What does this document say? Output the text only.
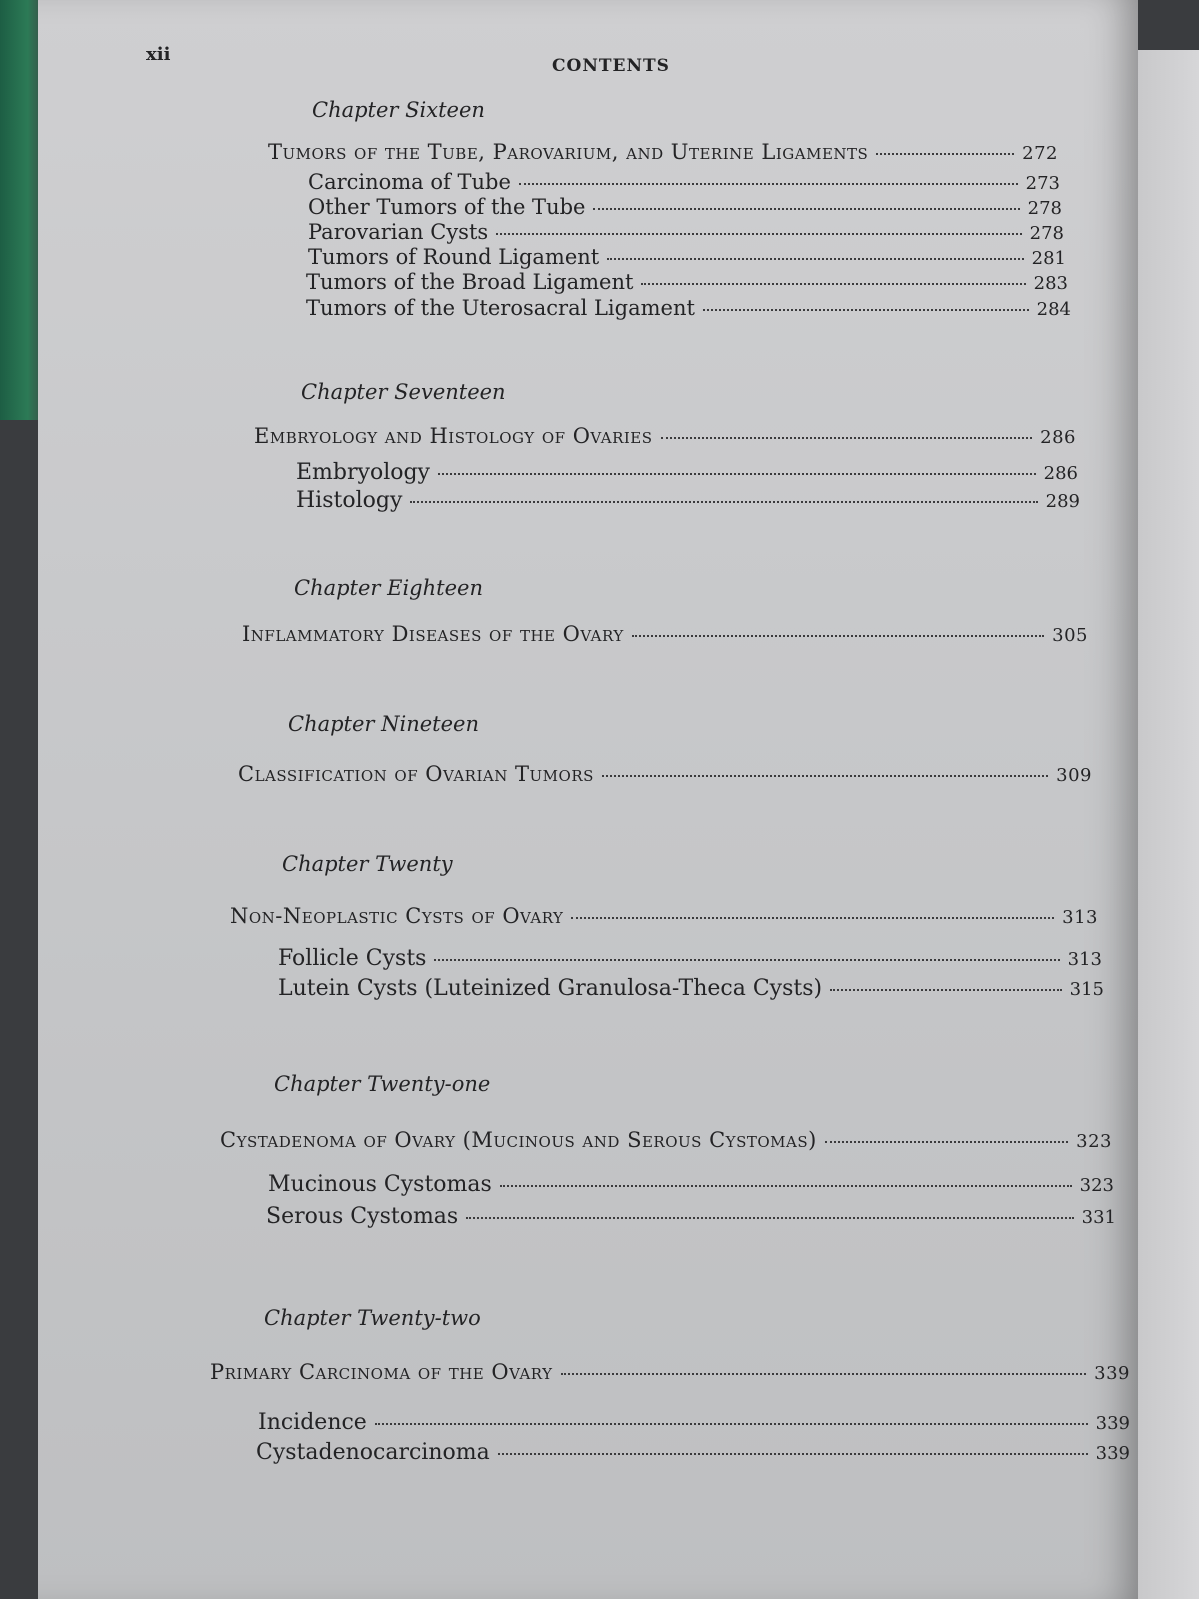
xii
CONTENTS
Chapter Sixteen
Tumors of the Tube, Parovarium, and Uterine Ligaments	272
Carcinoma of Tube	273
Other Tumors of the Tube	278
Parovarian Cysts	278
Tumors of Round Ligament	281
Tumors of the Broad Ligament	283
Tumors of the Uterosacral Ligament	284
Chapter Seventeen
Embryology and Histology of Ovaries	286
Embryology	286
Histology	289
Chapter Eighteen
Inflammatory Diseases of the Ovary	305
Chapter Nineteen
Classification of Ovarian Tumors	309
Chapter Twenty
Non-Neoplastic Cysts of Ovary	313
Follicle Cysts	313
Lutein Cysts (Luteinized Granulosa-Theca Cysts)	315
Chapter Twenty-one
Cystadenoma of Ovary (Mucinous and Serous Cystomas)	323
Mucinous Cystomas	323
Serous Cystomas	331
Chapter Twenty-two
Primary Carcinoma of the Ovary	339
Incidence	339
Cystadenocarcinoma	339
